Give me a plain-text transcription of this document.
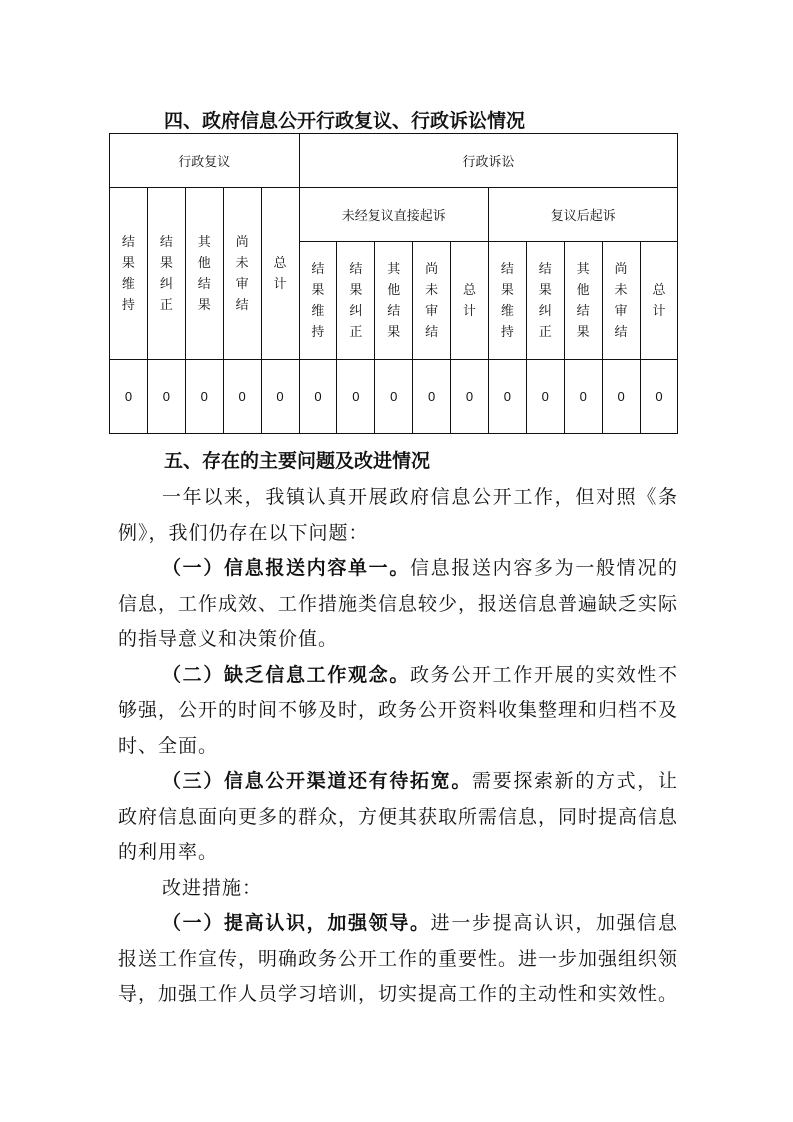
四、政府信息公开行政复议、行政诉讼情况
行政复议					行政诉讼									
结果维持	结果纠正	其他结果	尚未审结	总计	未经复议直接起诉					复议后起诉				
					结果维持	结果纠正	其他结果	尚未审结	总计	结果维持	结果纠正	其他结果	尚未审结	总计
0	0	0	0	0	0	0	0	0	0	0	0	0	0	0
五、存在的主要问题及改进情况

一年以来，我镇认真开展政府信息公开工作，但对照《条例》，我们仍存在以下问题：

（一）信息报送内容单一。信息报送内容多为一般情况的信息，工作成效、工作措施类信息较少，报送信息普遍缺乏实际的指导意义和决策价值。

（二）缺乏信息工作观念。政务公开工作开展的实效性不够强，公开的时间不够及时，政务公开资料收集整理和归档不及时、全面。

（三）信息公开渠道还有待拓宽。需要探索新的方式，让政府信息面向更多的群众，方便其获取所需信息，同时提高信息的利用率。

改进措施：

（一）提高认识，加强领导。进一步提高认识，加强信息报送工作宣传，明确政务公开工作的重要性。进一步加强组织领导，加强工作人员学习培训，切实提高工作的主动性和实效性。
